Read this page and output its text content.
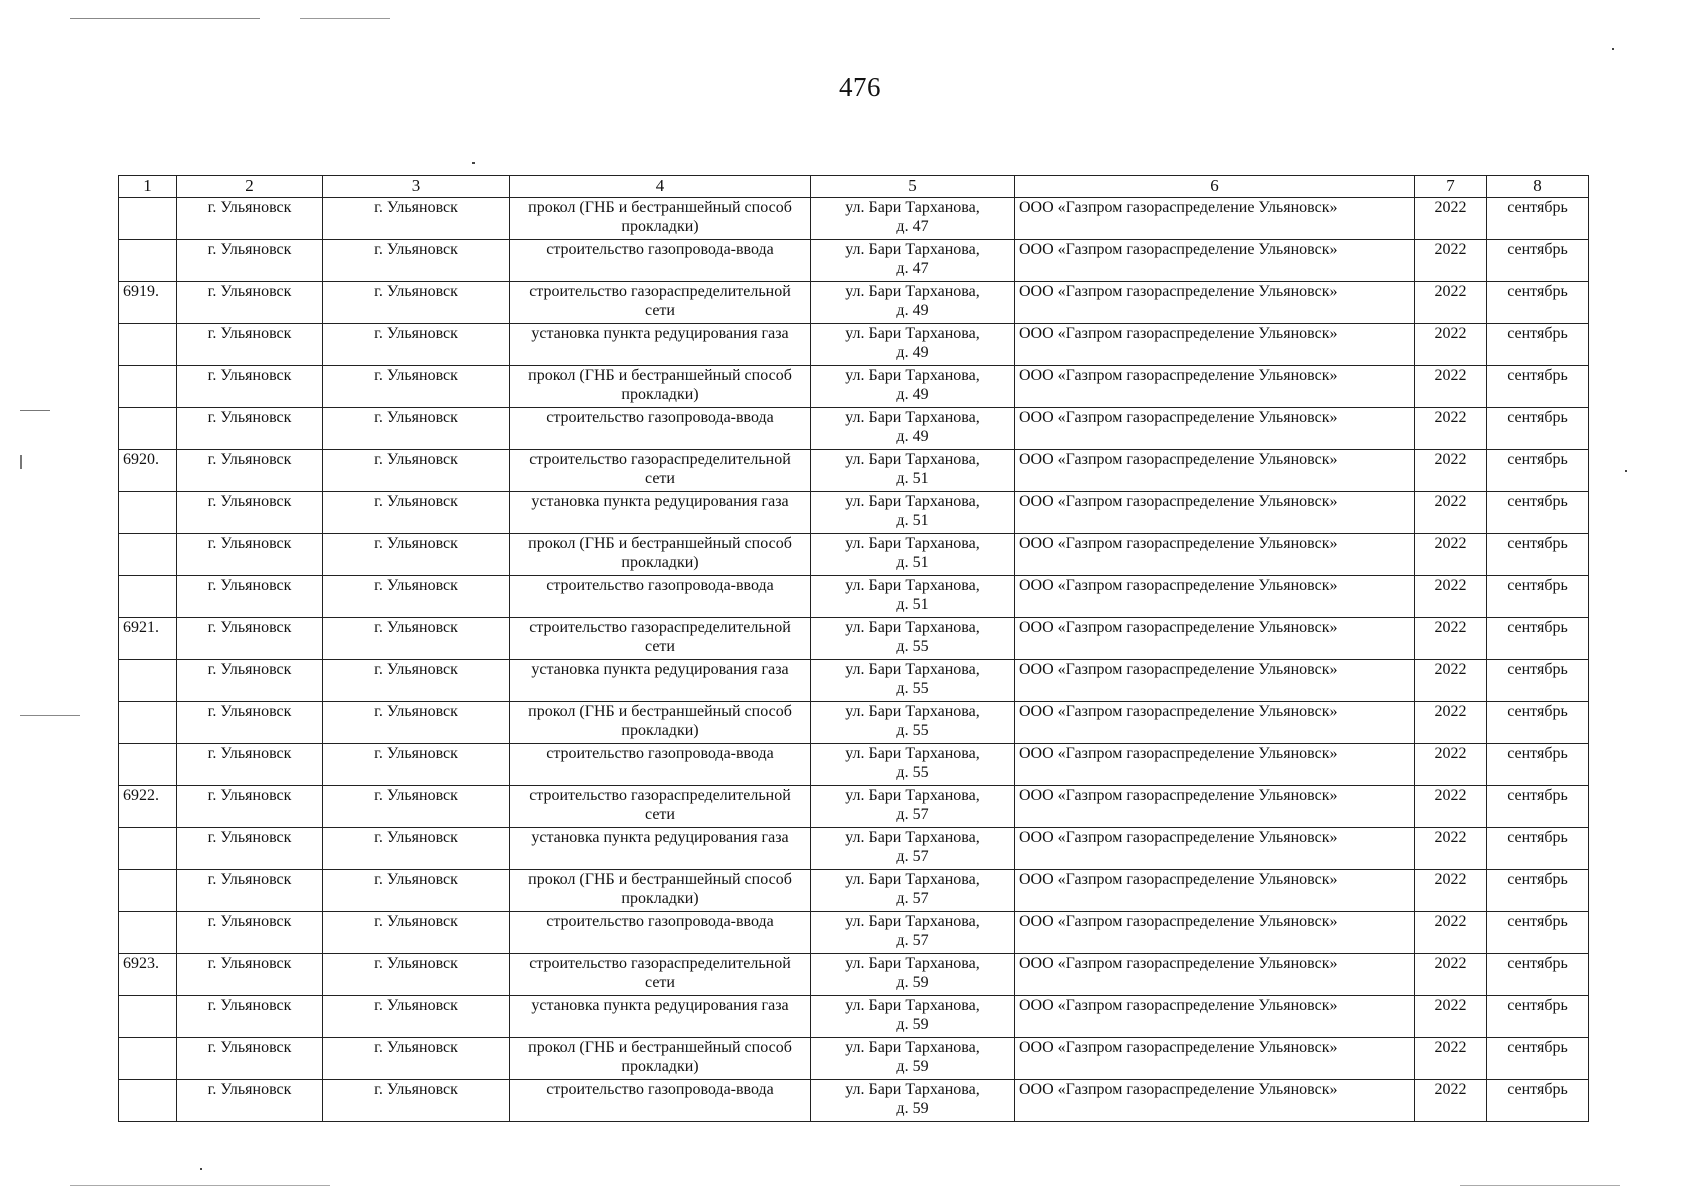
476
1	2	3	4	5	6	7	8
	г. Ульяновск	г. Ульяновск	прокол (ГНБ и бестраншейный способ прокладки)	ул. Бари Тарханова,
д. 47	ООО «Газпром газораспределение Ульяновск»	2022	сентябрь
	г. Ульяновск	г. Ульяновск	строительство газопровода-ввода	ул. Бари Тарханова,
д. 47	ООО «Газпром газораспределение Ульяновск»	2022	сентябрь
6919.	г. Ульяновск	г. Ульяновск	строительство газораспределительной сети	ул. Бари Тарханова,
д. 49	ООО «Газпром газораспределение Ульяновск»	2022	сентябрь
	г. Ульяновск	г. Ульяновск	установка пункта редуцирования газа	ул. Бари Тарханова,
д. 49	ООО «Газпром газораспределение Ульяновск»	2022	сентябрь
	г. Ульяновск	г. Ульяновск	прокол (ГНБ и бестраншейный способ прокладки)	ул. Бари Тарханова,
д. 49	ООО «Газпром газораспределение Ульяновск»	2022	сентябрь
	г. Ульяновск	г. Ульяновск	строительство газопровода-ввода	ул. Бари Тарханова,
д. 49	ООО «Газпром газораспределение Ульяновск»	2022	сентябрь
6920.	г. Ульяновск	г. Ульяновск	строительство газораспределительной сети	ул. Бари Тарханова,
д. 51	ООО «Газпром газораспределение Ульяновск»	2022	сентябрь
	г. Ульяновск	г. Ульяновск	установка пункта редуцирования газа	ул. Бари Тарханова,
д. 51	ООО «Газпром газораспределение Ульяновск»	2022	сентябрь
	г. Ульяновск	г. Ульяновск	прокол (ГНБ и бестраншейный способ прокладки)	ул. Бари Тарханова,
д. 51	ООО «Газпром газораспределение Ульяновск»	2022	сентябрь
	г. Ульяновск	г. Ульяновск	строительство газопровода-ввода	ул. Бари Тарханова,
д. 51	ООО «Газпром газораспределение Ульяновск»	2022	сентябрь
6921.	г. Ульяновск	г. Ульяновск	строительство газораспределительной сети	ул. Бари Тарханова,
д. 55	ООО «Газпром газораспределение Ульяновск»	2022	сентябрь
	г. Ульяновск	г. Ульяновск	установка пункта редуцирования газа	ул. Бари Тарханова,
д. 55	ООО «Газпром газораспределение Ульяновск»	2022	сентябрь
	г. Ульяновск	г. Ульяновск	прокол (ГНБ и бестраншейный способ прокладки)	ул. Бари Тарханова,
д. 55	ООО «Газпром газораспределение Ульяновск»	2022	сентябрь
	г. Ульяновск	г. Ульяновск	строительство газопровода-ввода	ул. Бари Тарханова,
д. 55	ООО «Газпром газораспределение Ульяновск»	2022	сентябрь
6922.	г. Ульяновск	г. Ульяновск	строительство газораспределительной сети	ул. Бари Тарханова,
д. 57	ООО «Газпром газораспределение Ульяновск»	2022	сентябрь
	г. Ульяновск	г. Ульяновск	установка пункта редуцирования газа	ул. Бари Тарханова,
д. 57	ООО «Газпром газораспределение Ульяновск»	2022	сентябрь
	г. Ульяновск	г. Ульяновск	прокол (ГНБ и бестраншейный способ прокладки)	ул. Бари Тарханова,
д. 57	ООО «Газпром газораспределение Ульяновск»	2022	сентябрь
	г. Ульяновск	г. Ульяновск	строительство газопровода-ввода	ул. Бари Тарханова,
д. 57	ООО «Газпром газораспределение Ульяновск»	2022	сентябрь
6923.	г. Ульяновск	г. Ульяновск	строительство газораспределительной сети	ул. Бари Тарханова,
д. 59	ООО «Газпром газораспределение Ульяновск»	2022	сентябрь
	г. Ульяновск	г. Ульяновск	установка пункта редуцирования газа	ул. Бари Тарханова,
д. 59	ООО «Газпром газораспределение Ульяновск»	2022	сентябрь
	г. Ульяновск	г. Ульяновск	прокол (ГНБ и бестраншейный способ прокладки)	ул. Бари Тарханова,
д. 59	ООО «Газпром газораспределение Ульяновск»	2022	сентябрь
	г. Ульяновск	г. Ульяновск	строительство газопровода-ввода	ул. Бари Тарханова,
д. 59	ООО «Газпром газораспределение Ульяновск»	2022	сентябрь
